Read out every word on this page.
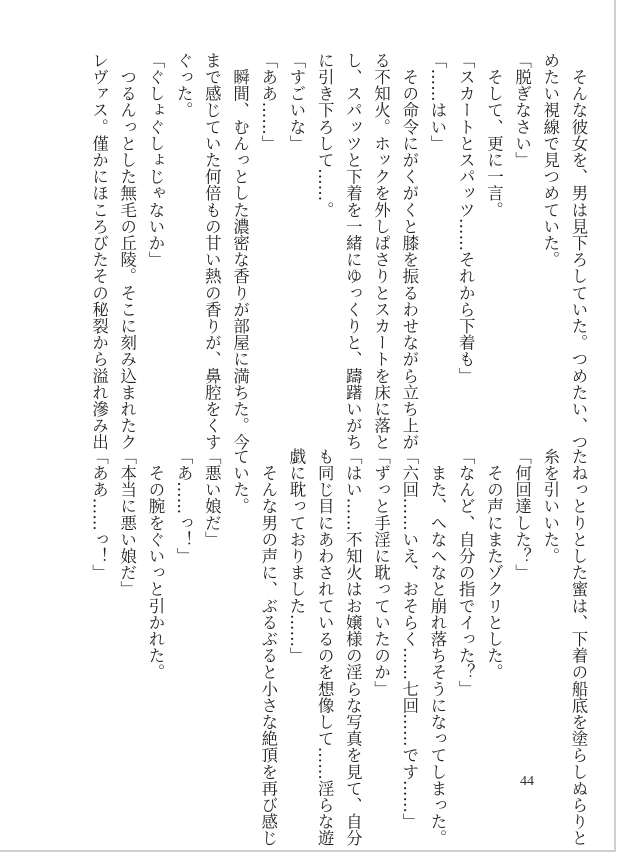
　そんな彼女を、男は見下ろしていた。つめたい、つ
めたい視線で見つめていた。
「脱ぎなさい」
　そして、更に一言。
「スカートとスパッツ……それから下着も」
「……はい」
　その命令にがくがくと膝を振るわせながら立ち上が
る不知火。ホックを外しぱさりとスカートを床に落と
し、スパッツと下着を一緒にゆっくりと、躊躇いがち
に引き下ろして……。
「すごいな」
「ああ……」
　瞬間、むんっとした濃密な香りが部屋に満ちた。今
まで感じていた何倍もの甘い熱の香りが、鼻腔をくす
ぐった。
「ぐしょぐしょじゃないか」
　つるんっとした無毛の丘陵。そこに刻み込まれたク
レヴァス。僅かにほころびたその秘裂から溢れ滲み出
たねっとりとした蜜は、下着の船底を塗らしぬらりと
糸を引いいた。
「何回達した？」
　その声にまたゾクリとした。
「なんど、自分の指でイった？」
　また、へなへなと崩れ落ちそうになってしまった。
「六回……いえ、おそらく……七回……です……」
「ずっと手淫に耽っていたのか」
「はい……不知火はお嬢様の淫らな写真を見て、自分
も同じ目にあわされているのを想像して……淫らな遊
戯に耽っておりました……」
　そんな男の声に、ぶるぶると小さな絶頂を再び感じ
ていた。
「悪い娘だ」
「あ……っ！」
　その腕をぐいっと引かれた。
「本当に悪い娘だ」
「ああ……っ！」
44
